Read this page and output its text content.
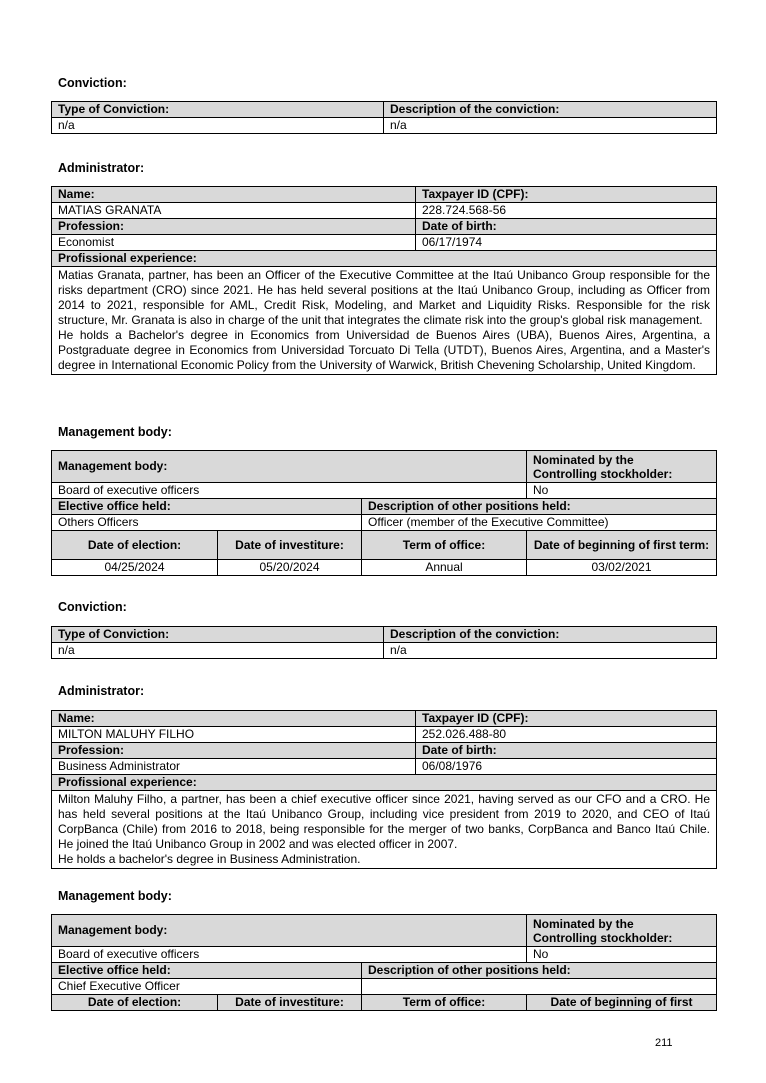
Conviction:
Type of Conviction:	Description of the conviction:
n/a	n/a
Administrator:
Name:	Taxpayer ID (CPF):
MATIAS GRANATA	228.724.568-56
Profession:	Date of birth:
Economist	06/17/1974
Profissional experience:	

Matias Granata, partner, has been an Officer of the Executive Committee at the Itaú Unibanco Group responsible for the risks department (CRO) since 2021. He has held several positions at the Itaú Unibanco Group, including as Officer from 2014 to 2021, responsible for AML, Credit Risk, Modeling, and Market and Liquidity Risks. Responsible for the risk structure, Mr. Granata is also in charge of the unit that integrates the climate risk into the group's global risk management.
He holds a Bachelor's degree in Economics from Universidad de Buenos Aires (UBA), Buenos Aires, Argentina, a Postgraduate degree in Economics from Universidad Torcuato Di Tella (UTDT), Buenos Aires, Argentina, and a Master's degree in International Economic Policy from the University of Warwick, British Chevening Scholarship, United Kingdom.	
Management body:
Management body:			Nominated by the
Controlling stockholder:

Board of executive officers			No
Elective office held:		Description of other positions held:	
Others Officers		Officer (member of the Executive Committee)	
Date of election:	Date of investiture:	Term of office:	Date of beginning of first term:
04/25/2024	05/20/2024	Annual	03/02/2021
Conviction:
Type of Conviction:	Description of the conviction:
n/a	n/a
Administrator:
Name:	Taxpayer ID (CPF):
MILTON MALUHY FILHO	252.026.488-80
Profession:	Date of birth:
Business Administrator	06/08/1976
Profissional experience:	

Milton Maluhy Filho, a partner, has been a chief executive officer since 2021, having served as our CFO and a CRO. He has held several positions at the Itaú Unibanco Group, including vice president from 2019 to 2020, and CEO of Itaú CorpBanca (Chile) from 2016 to 2018, being responsible for the merger of two banks, CorpBanca and Banco Itaú Chile. He joined the Itaú Unibanco Group in 2002 and was elected officer in 2007.
He holds a bachelor's degree in Business Administration.	
Management body:
Management body:			Nominated by the
Controlling stockholder:

Board of executive officers			No
Elective office held:		Description of other positions held:	
Chief Executive Officer			
Date of election:	Date of investiture:	Term of office:	Date of beginning of first
211
